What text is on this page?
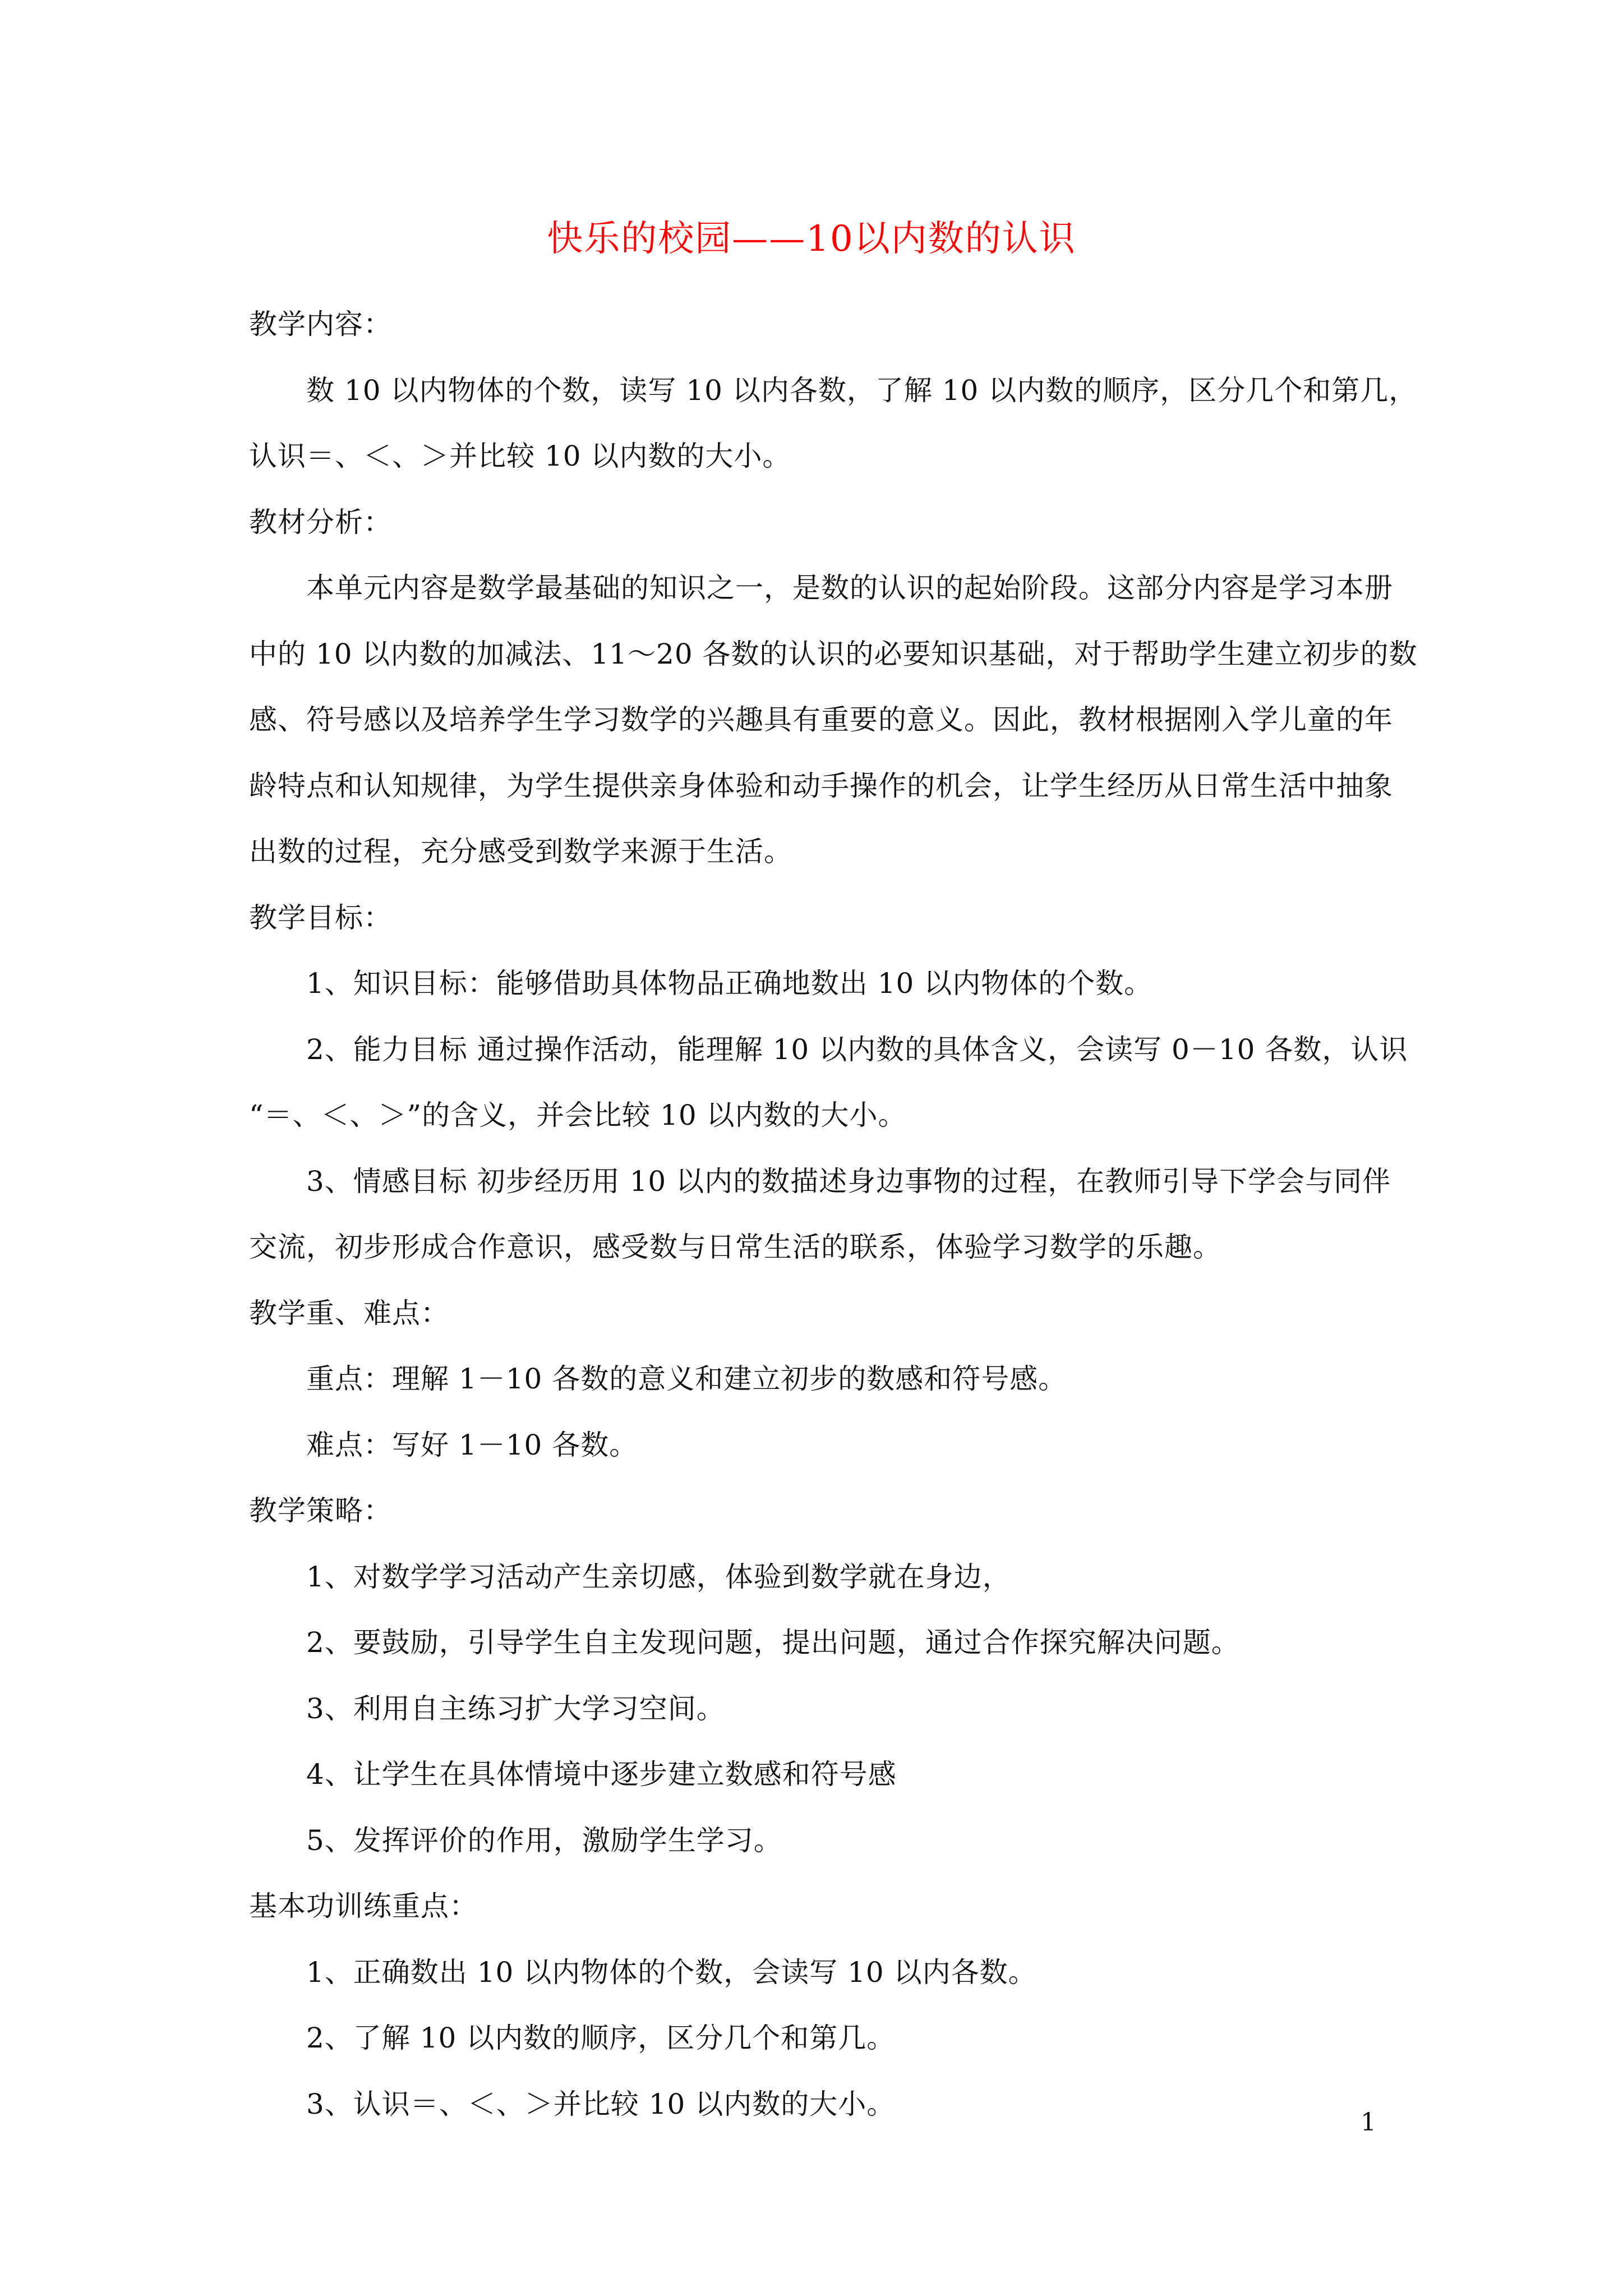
快乐的校园——10以内数的认识

教学内容：

数 10 以内物体的个数，读写 10 以内各数，了解 10 以内数的顺序，区分几个和第几，

认识＝、＜、＞并比较 10 以内数的大小。

教材分析：

本单元内容是数学最基础的知识之一，是数的认识的起始阶段。这部分内容是学习本册

中的 10 以内数的加减法、11～20 各数的认识的必要知识基础，对于帮助学生建立初步的数

感、符号感以及培养学生学习数学的兴趣具有重要的意义。因此，教材根据刚入学儿童的年

龄特点和认知规律，为学生提供亲身体验和动手操作的机会，让学生经历从日常生活中抽象

出数的过程，充分感受到数学来源于生活。

教学目标：

1、知识目标：能够借助具体物品正确地数出 10 以内物体的个数。

2、能力目标 通过操作活动，能理解 10 以内数的具体含义，会读写 0－10 各数，认识

“＝、＜、＞”的含义，并会比较 10 以内数的大小。

3、情感目标 初步经历用 10 以内的数描述身边事物的过程，在教师引导下学会与同伴

交流，初步形成合作意识，感受数与日常生活的联系，体验学习数学的乐趣。

教学重、难点：

重点：理解 1－10 各数的意义和建立初步的数感和符号感。

难点：写好 1－10 各数。

教学策略：

1、对数学学习活动产生亲切感，体验到数学就在身边，

2、要鼓励，引导学生自主发现问题，提出问题，通过合作探究解决问题。

3、利用自主练习扩大学习空间。

4、让学生在具体情境中逐步建立数感和符号感

5、发挥评价的作用，激励学生学习。

基本功训练重点：

1、正确数出 10 以内物体的个数，会读写 10 以内各数。

2、了解 10 以内数的顺序，区分几个和第几。

3、认识＝、＜、＞并比较 10 以内数的大小。

1
